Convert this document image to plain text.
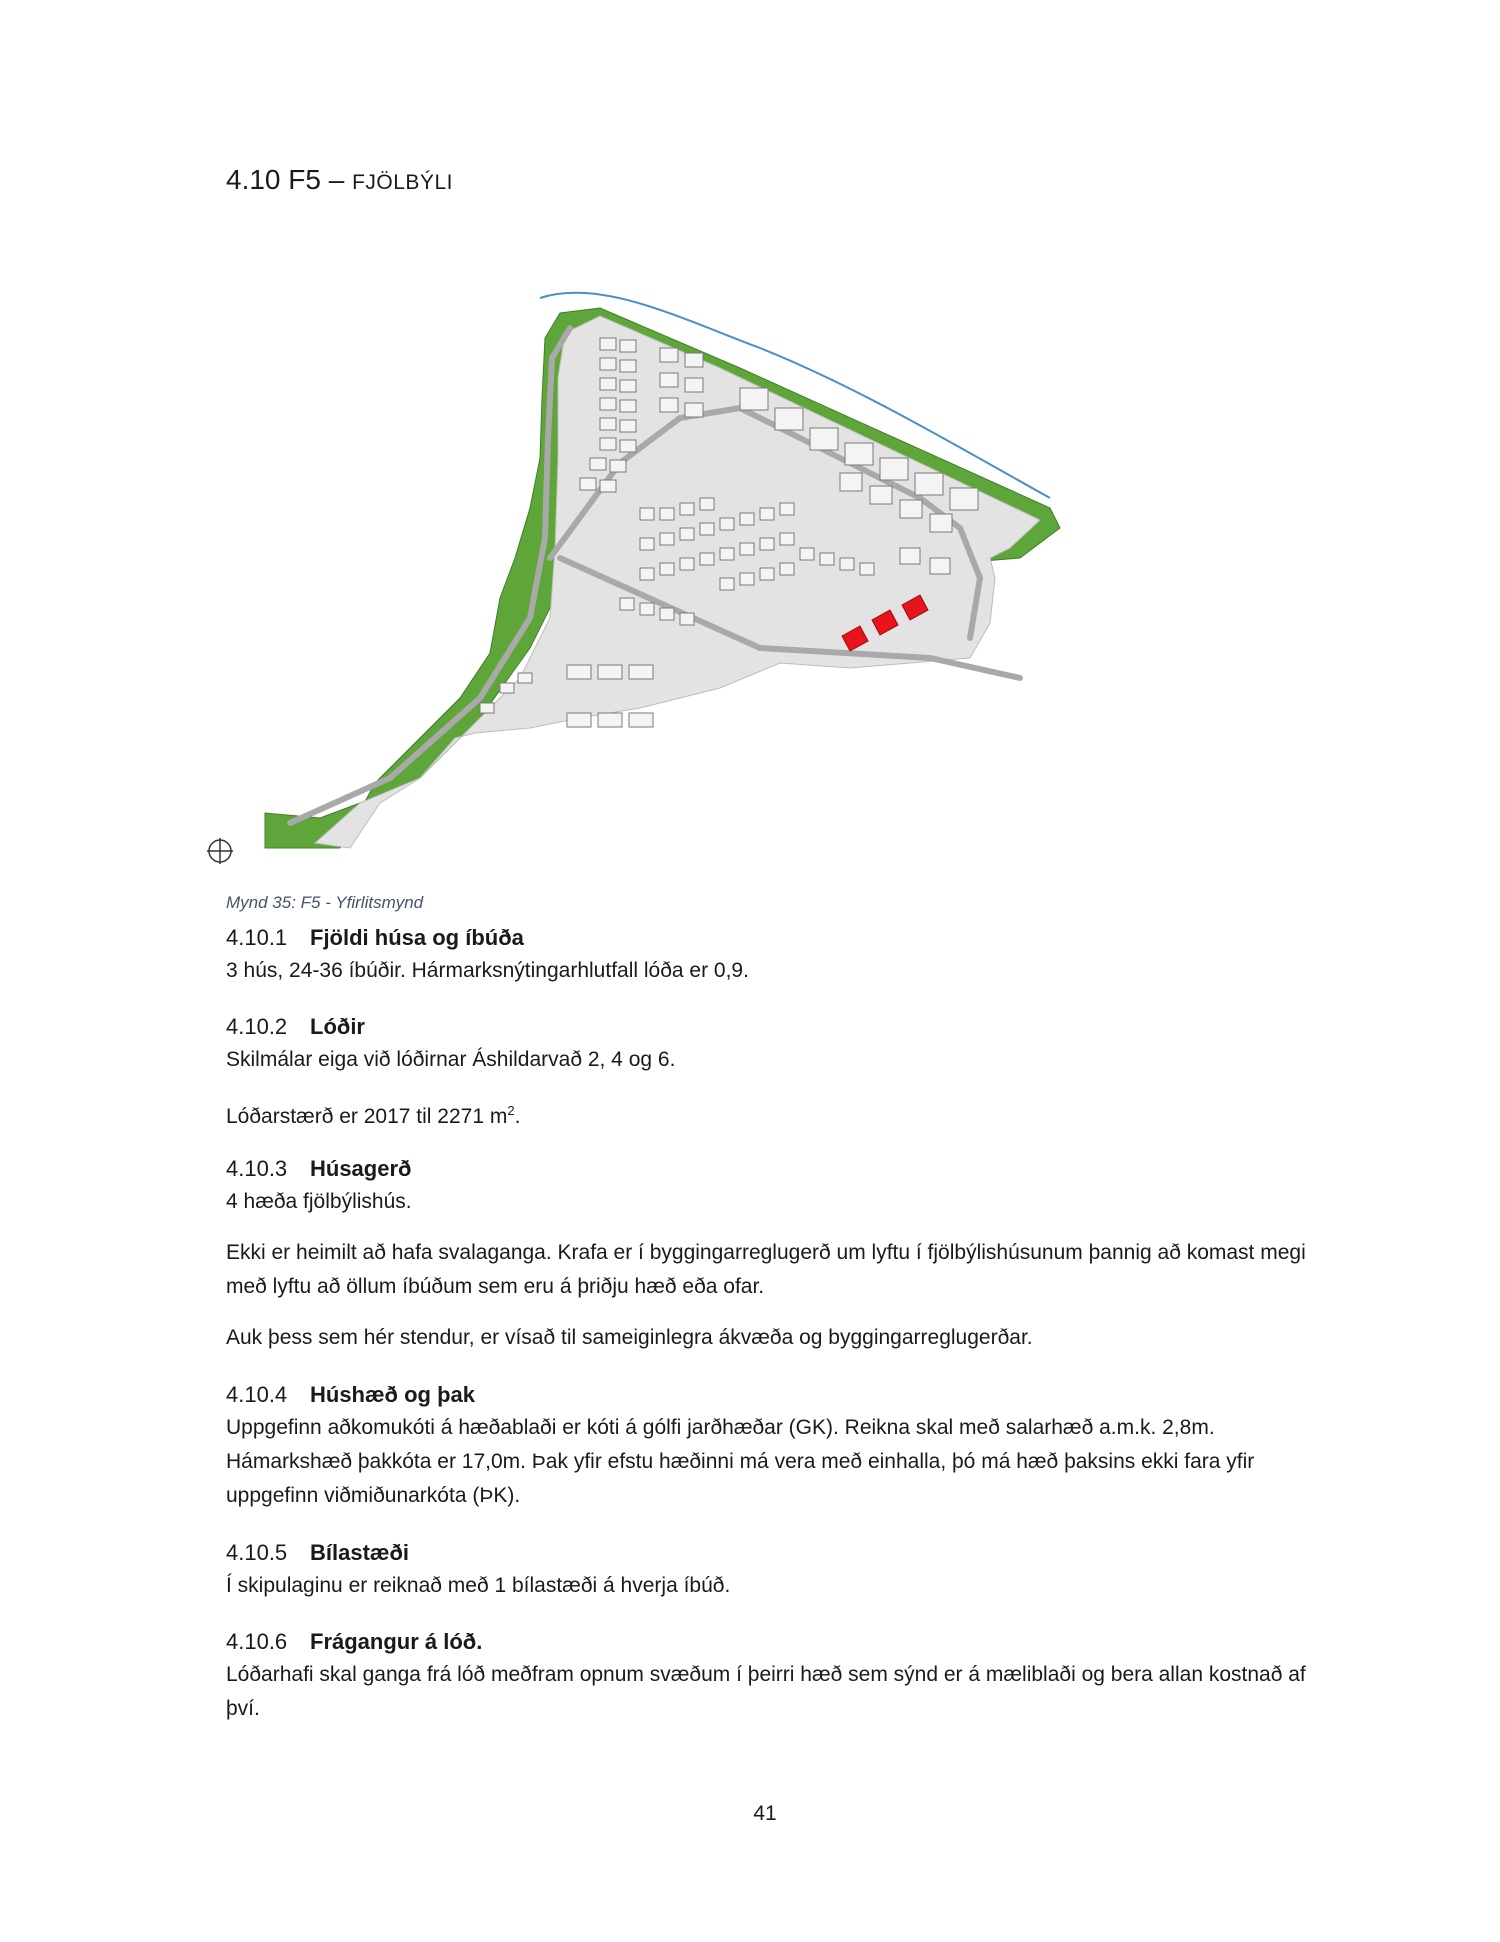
4.10 F5 – FJÖLBÝLI
Mynd 35: F5 - Yfirlitsmynd
4.10.1 Fjöldi húsa og íbúða

3 hús, 24-36 íbúðir. Hármarksnýtingarhlutfall lóða er 0,9.

4.10.2 Lóðir

Skilmálar eiga við lóðirnar Áshildarvað 2, 4 og 6.

Lóðarstærð er 2017 til 2271 $m^2$.

4.10.3 Húsagerð

4 hæða fjölbýlishús.

Ekki er heimilt að hafa svalaganga. Krafa er í byggingarreglugerð um lyftu í fjölbýlishúsunum þannig að komast megi með lyftu að öllum íbúðum sem eru á þriðju hæð eða ofar.

Auk þess sem hér stendur, er vísað til sameiginlegra ákvæða og byggingarreglugerðar.

4.10.4 Húshæð og þak

Uppgefinn aðkomukóti á hæðablaði er kóti á gólfi jarðhæðar (GK). Reikna skal með salarhæð a.m.k. 2,8m. Hámarkshæð þakkóta er 17,0m. Þak yfir efstu hæðinni má vera með einhalla, þó má hæð þaksins ekki fara yfir uppgefinn viðmiðunarkóta (ÞK).

4.10.5 Bílastæði

Í skipulaginu er reiknað með 1 bílastæði á hverja íbúð.

4.10.6 Frágangur á lóð.

Lóðarhafi skal ganga frá lóð meðfram opnum svæðum í þeirri hæð sem sýnd er á mæliblaði og bera allan kostnað af því.

41
